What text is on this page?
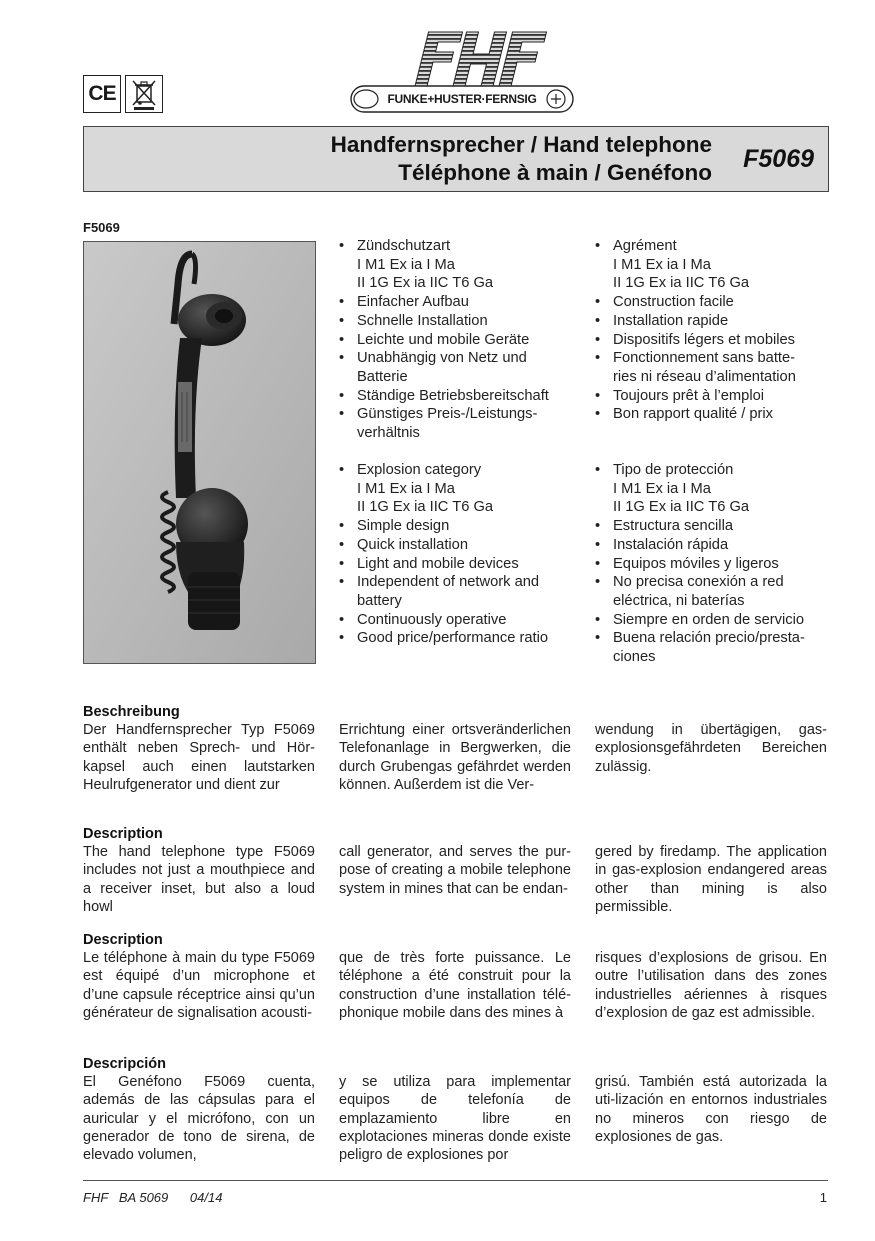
CE	FUNKE+HUSTER·FERNSIG
Handfernsprecher / Hand telephone
Téléphone à main / Genéfono F5069
F5069
• Zündschutzart
I M1 Ex ia I Ma
II 1G Ex ia IIC T6 Ga
• Einfacher Aufbau
• Schnelle Installation
• Leichte und mobile Geräte
• Unabhängig von Netz und
Batterie
• Ständige Betriebsbereitschaft
• Günstiges Preis-/Leistungs-
verhältnis
• Agrément
I M1 Ex ia I Ma
II 1G Ex ia IIC T6 Ga
• Construction facile
• Installation rapide
• Dispositifs légers et mobiles
• Fonctionnement sans batte-
ries ni réseau d’alimentation
• Toujours prêt à l’emploi
• Bon rapport qualité / prix
• Explosion category
I M1 Ex ia I Ma
II 1G Ex ia IIC T6 Ga
• Simple design
• Quick installation
• Light and mobile devices
• Independent of network and
battery
• Continuously operative
• Good price/performance ratio
• Tipo de protección
I M1 Ex ia I Ma
II 1G Ex ia IIC T6 Ga
• Estructura sencilla
• Instalación rápida
• Equipos móviles y ligeros
• No precisa conexión a red
eléctrica, ni baterías
• Siempre en orden de servicio
• Buena relación precio/presta-
ciones
Beschreibung
Der Handfernsprecher Typ F5069 enthält neben Sprech- und Hör-kapsel auch einen lautstarken Heulrufgenerator und dient zur
Errichtung einer ortsveränderlichen Telefonanlage in Bergwerken, die durch Grubengas gefährdet werden können. Außerdem ist die Ver-
wendung in übertägigen, gas-explosionsgefährdeten Bereichen zulässig.
Description
The hand telephone type F5069 includes not just a mouthpiece and a receiver inset, but also a loud howl
call generator, and serves the pur-pose of creating a mobile telephone system in mines that can be endan-
gered by firedamp. The application in gas-explosion endangered areas other than mining is also permissible.
Description
Le téléphone à main du type F5069 est équipé d’un microphone et d’une capsule réceptrice ainsi qu’un générateur de signalisation acousti-
que de très forte puissance. Le téléphone a été construit pour la construction d’une installation télé-phonique mobile dans des mines à
risques d’explosions de grisou. En outre l’utilisation dans des zones industrielles aériennes à risques d’explosion de gaz est admissible.
Descripción
El Genéfono F5069 cuenta, además de las cápsulas para el auricular y el micrófono, con un generador de tono de sirena, de elevado volumen,
y se utiliza para implementar equipos de telefonía de emplazamiento libre en explotaciones mineras donde existe peligro de explosiones por
grisú. También está autorizada la uti-lización en entornos industriales no mineros con riesgo de explosiones de gas.
FHF   BA 5069      04/14	1
